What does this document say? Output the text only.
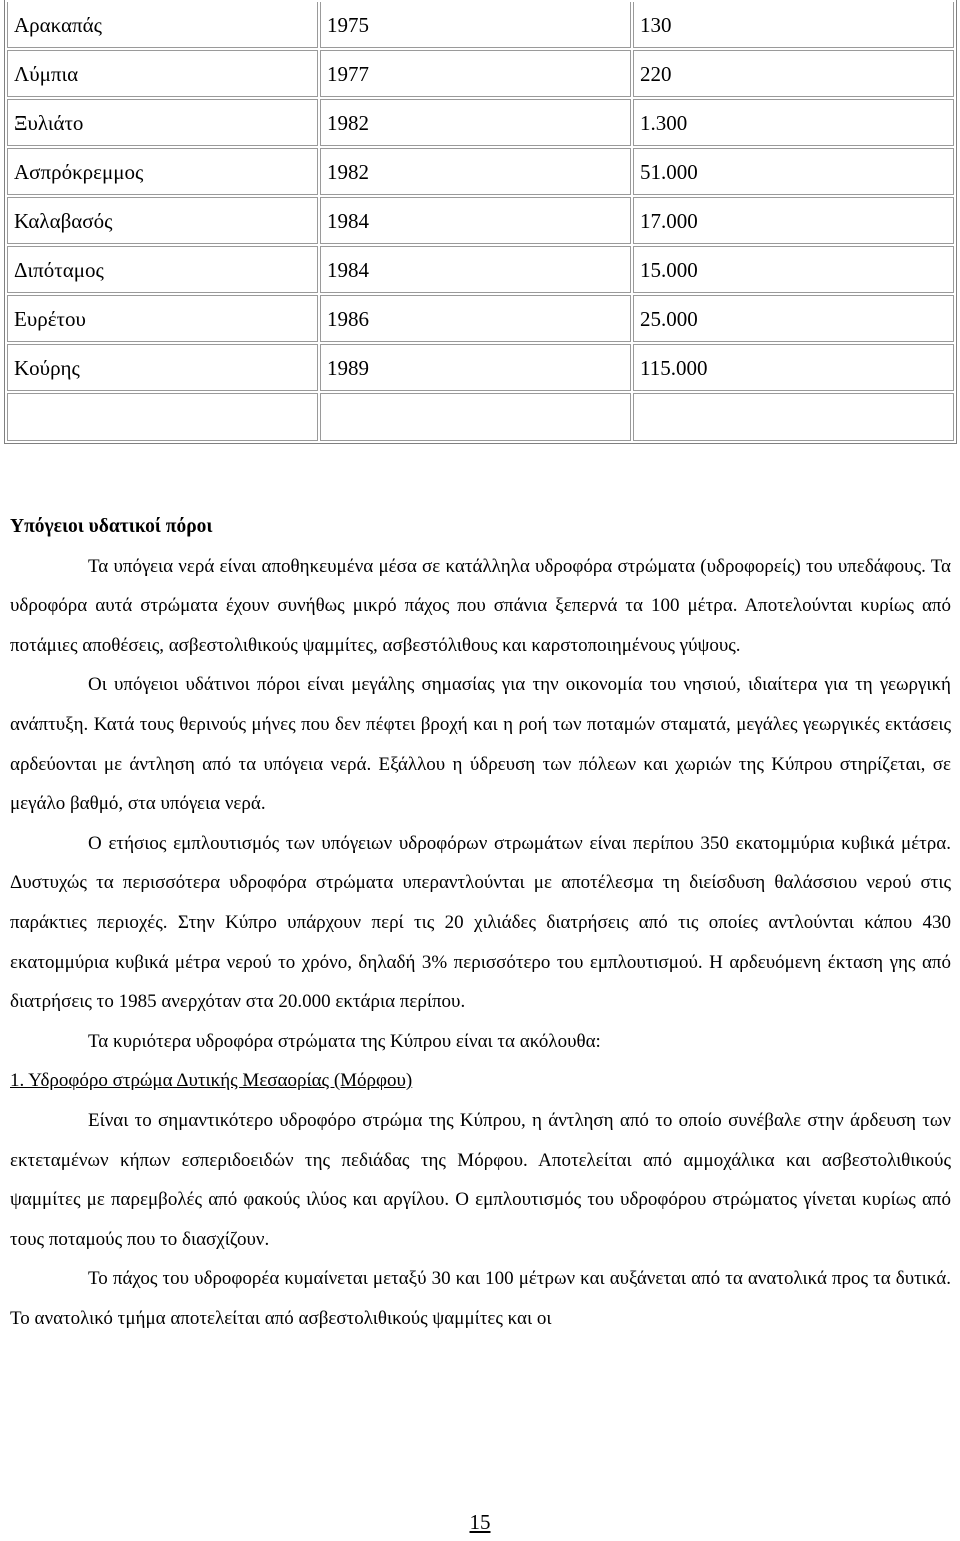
Αρακαπάς	1975	130
Λύμπια	1977	220
Ξυλιάτο	1982	1.300
Ασπρόκρεμμος	1982	51.000
Καλαβασός	1984	17.000
Διπόταμος	1984	15.000
Ευρέτου	1986	25.000
Κούρης	1989	115.000

Υπόγειοι υδατικοί πόροι

Τα υπόγεια νερά είναι αποθηκευμένα μέσα σε κατάλληλα υδροφόρα στρώματα (υδροφορείς) του υπεδάφους. Τα υδροφόρα αυτά στρώματα έχουν συνήθως μικρό πάχος που σπάνια ξεπερνά τα 100 μέτρα. Αποτελούνται κυρίως από ποτάμιες αποθέσεις, ασβεστολιθικούς ψαμμίτες, ασβεστόλιθους και καρστοποιημένους γύψους.

Οι υπόγειοι υδάτινοι πόροι είναι μεγάλης σημασίας για την οικονομία του νησιού, ιδιαίτερα για τη γεωργική ανάπτυξη. Κατά τους θερινούς μήνες που δεν πέφτει βροχή και η ροή των ποταμών σταματά, μεγάλες γεωργικές εκτάσεις αρδεύονται με άντληση από τα υπόγεια νερά. Εξάλλου η ύδρευση των πόλεων και χωριών της Κύπρου στηρίζεται, σε μεγάλο βαθμό, στα υπόγεια νερά.

Ο ετήσιος εμπλουτισμός των υπόγειων υδροφόρων στρωμάτων είναι περίπου 350 εκατομμύρια κυβικά μέτρα. Δυστυχώς τα περισσότερα υδροφόρα στρώματα υπεραντλούνται με αποτέλεσμα τη διείσδυση θαλάσσιου νερού στις παράκτιες περιοχές. Στην Κύπρο υπάρχουν περί τις 20 χιλιάδες διατρήσεις από τις οποίες αντλούνται κάπου 430 εκατομμύρια κυβικά μέτρα νερού το χρόνο, δηλαδή 3% περισσότερο του εμπλουτισμού. Η αρδευόμενη έκταση γης από διατρήσεις το 1985 ανερχόταν στα 20.000 εκτάρια περίπου.

Τα κυριότερα υδροφόρα στρώματα της Κύπρου είναι τα ακόλουθα:

1. Υδροφόρο στρώμα Δυτικής Μεσαορίας (Μόρφου)

Είναι το σημαντικότερο υδροφόρο στρώμα της Κύπρου, η άντληση από το οποίο συνέβαλε στην άρδευση των εκτεταμένων κήπων εσπεριδοειδών της πεδιάδας της Μόρφου. Αποτελείται από αμμοχάλικα και ασβεστολιθικούς ψαμμίτες με παρεμβολές από φακούς ιλύος και αργίλου. Ο εμπλουτισμός του υδροφόρου στρώματος γίνεται κυρίως από τους ποταμούς που το διασχίζουν.

Το πάχος του υδροφορέα κυμαίνεται μεταξύ 30 και 100 μέτρων και αυξάνεται από τα ανατολικά προς τα δυτικά. Το ανατολικό τμήμα αποτελείται από ασβεστολιθικούς ψαμμίτες και οι

15
